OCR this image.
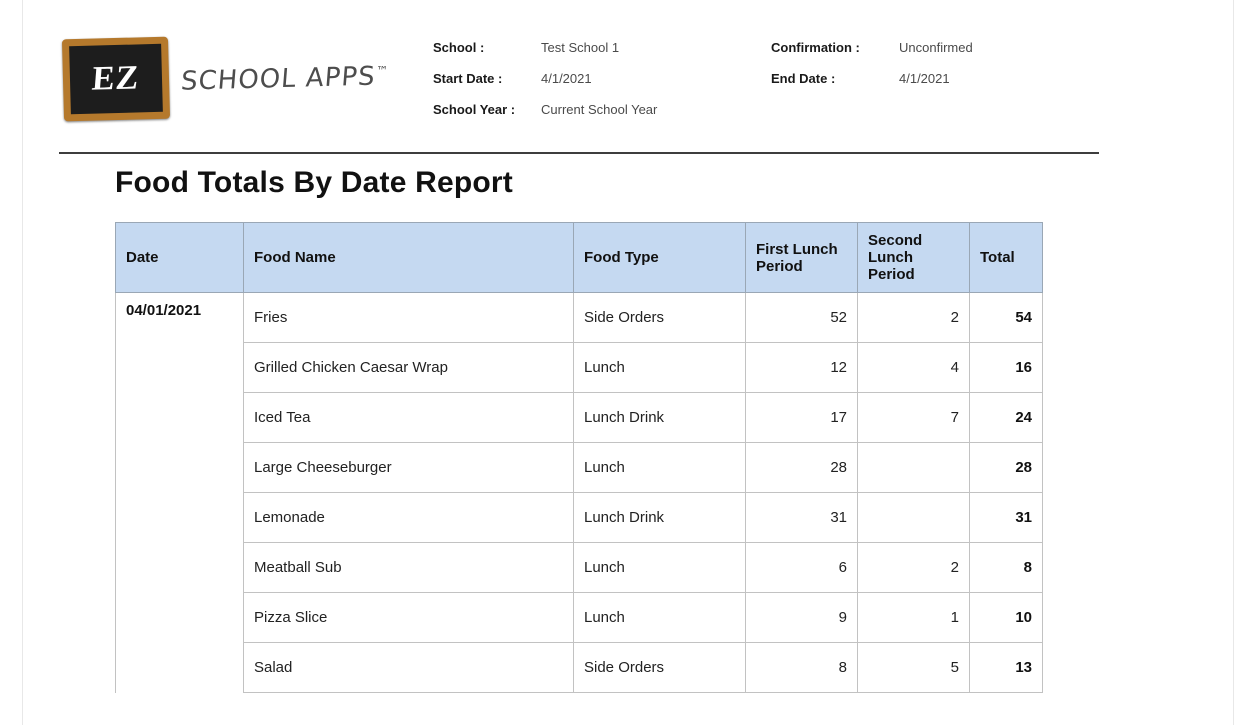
EZ SCHOOL APPS™
School :	Test School 1
Start Date :	4/1/2021
School Year :	Current School Year
Confirmation :	Unconfirmed
End Date :	4/1/2021
Food Totals By Date Report
Date	Food Name	Food Type	First Lunch Period	Second Lunch Period	Total
04/01/2021	Fries	Side Orders	52	2	54
	Grilled Chicken Caesar Wrap	Lunch	12	4	16
	Iced Tea	Lunch Drink	17	7	24
	Large Cheeseburger	Lunch	28		28
	Lemonade	Lunch Drink	31		31
	Meatball Sub	Lunch	6	2	8
	Pizza Slice	Lunch	9	1	10
	Salad	Side Orders	8	5	13
